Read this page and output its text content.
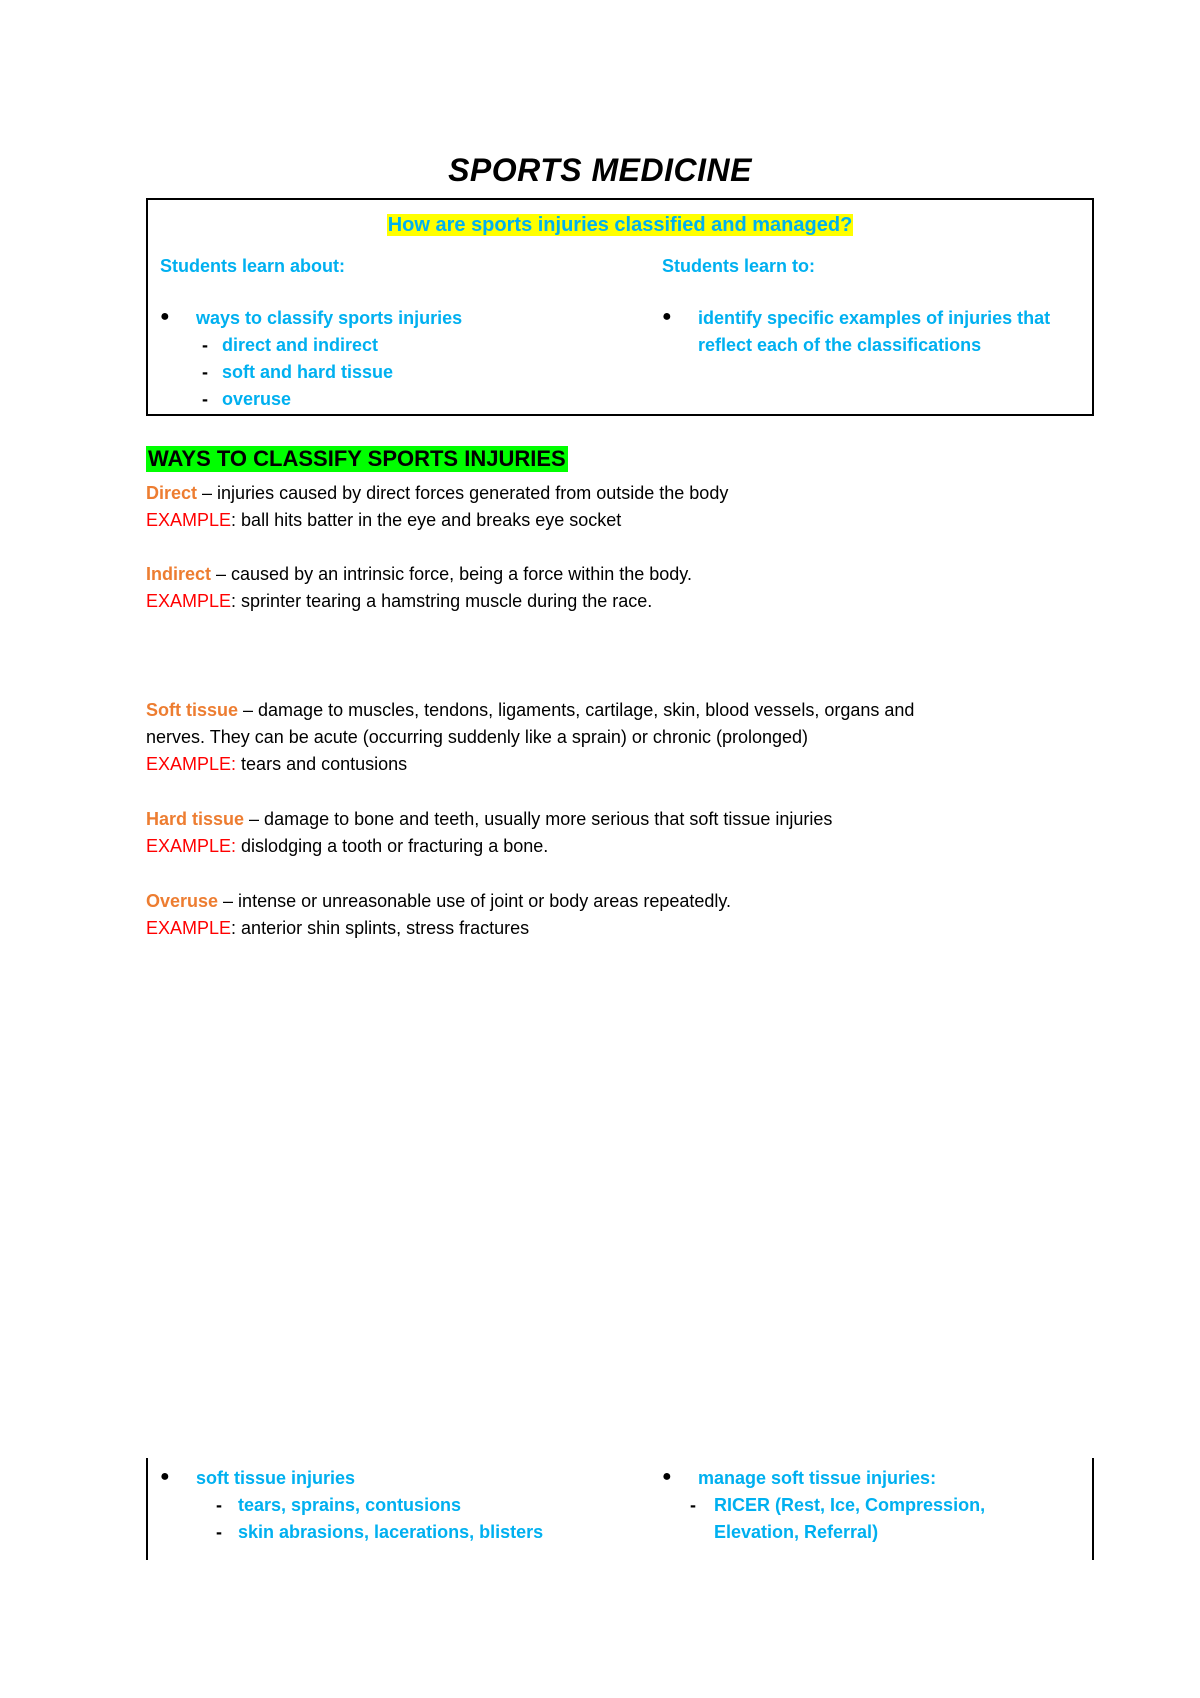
SPORTS MEDICINE
How are sports injuries classified and managed?
Students learn about:
● ways to classify sports injuries
- direct and indirect
- soft and hard tissue
- overuse
Students learn to:
● identify specific examples of injuries that
reflect each of the classifications
WAYS TO CLASSIFY SPORTS INJURIES
Direct – injuries caused by direct forces generated from outside the body
EXAMPLE: ball hits batter in the eye and breaks eye socket
Indirect – caused by an intrinsic force, being a force within the body.
EXAMPLE: sprinter tearing a hamstring muscle during the race.
Soft tissue – damage to muscles, tendons, ligaments, cartilage, skin, blood vessels, organs and
nerves. They can be acute (occurring suddenly like a sprain) or chronic (prolonged)
EXAMPLE: tears and contusions
Hard tissue – damage to bone and teeth, usually more serious that soft tissue injuries
EXAMPLE: dislodging a tooth or fracturing a bone.
Overuse – intense or unreasonable use of joint or body areas repeatedly.
EXAMPLE: anterior shin splints, stress fractures
● soft tissue injuries
- tears, sprains, contusions
- skin abrasions, lacerations, blisters
● manage soft tissue injuries:
- RICER (Rest, Ice, Compression,
Elevation, Referral)
